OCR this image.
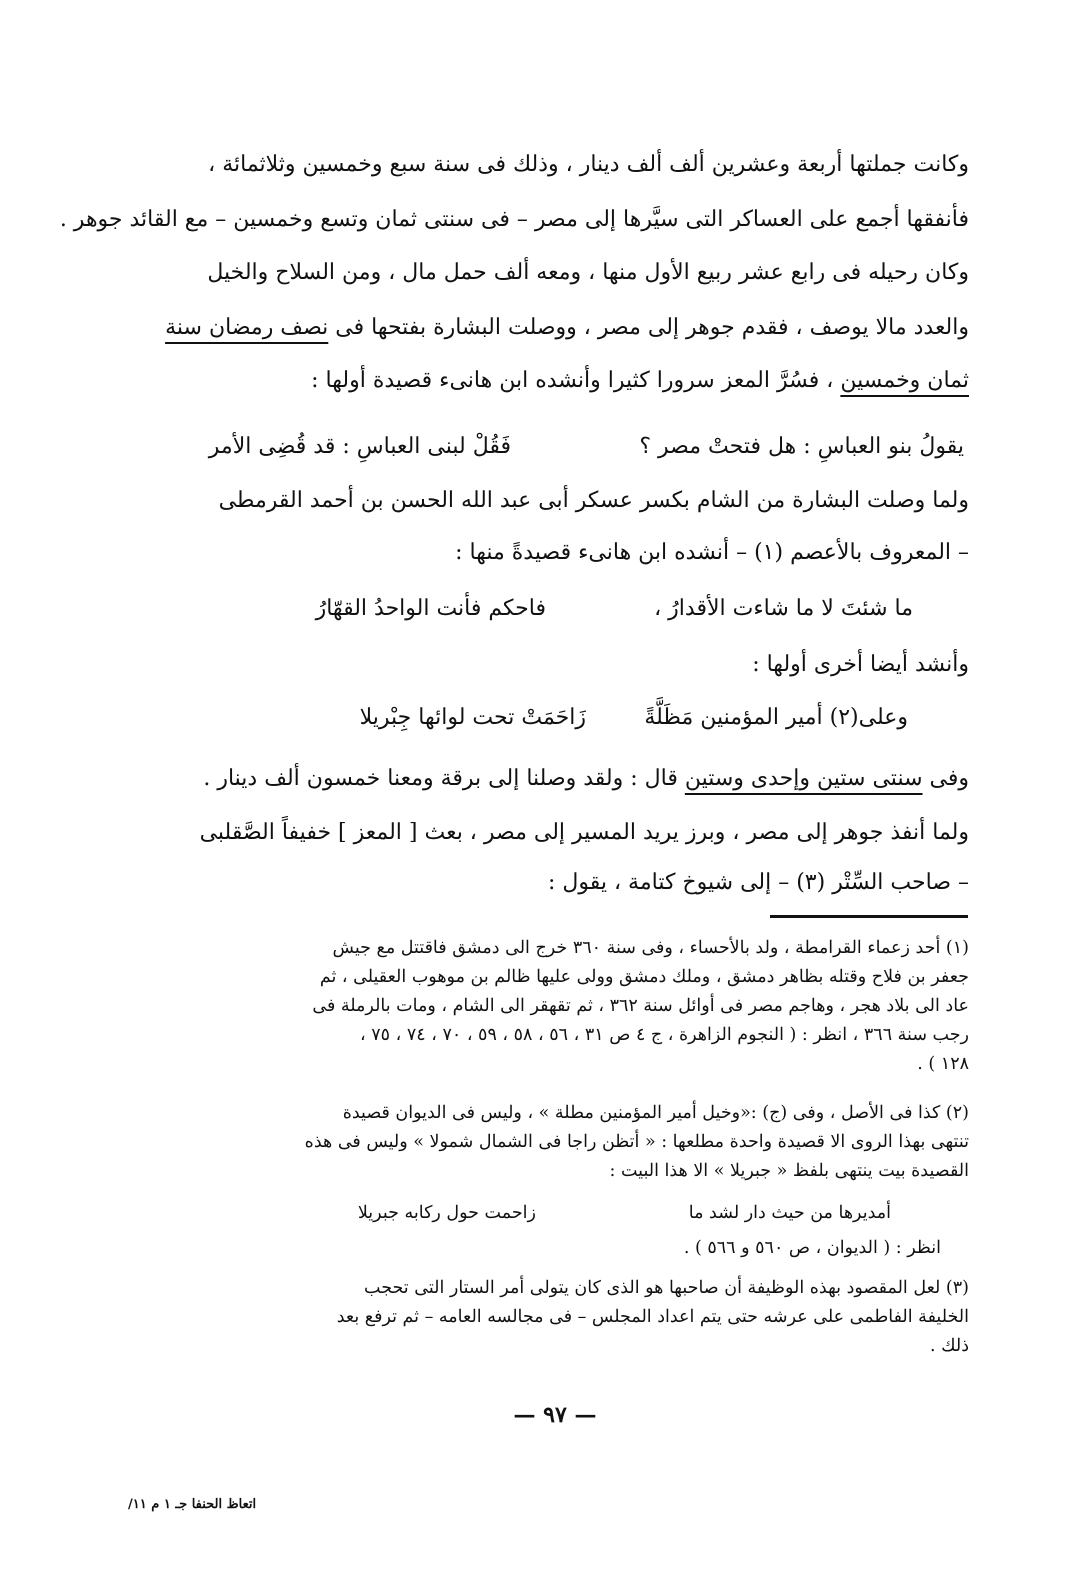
وكانت جملتها أربعة وعشرين ألف ألف دينار ، وذلك فى سنة سبع وخمسين وثلاثمائة ،
فأنفقها أجمع على العساكر التى سيَّرها إلى مصر – فى سنتى ثمان وتسع وخمسين – مع القائد جوهر .
وكان رحيله فى رابع عشر ربيع الأول منها ، ومعه ألف حمل مال ، ومن السلاح والخيل
والعدد مالا يوصف ، فقدم جوهر إلى مصر ، ووصلت البشارة بفتحها فى نصف رمضان سنة
ثمان وخمسين ، فسُرَّ المعز سرورا كثيرا وأنشده ابن هانىء قصيدة أولها :
يقولُ بنو العباسِ : هل فتحتْ مصر ؟
فَقُلْ لبنى العباسِ : قد قُضِى الأمر
ولما وصلت البشارة من الشام بكسر عسكر أبى عبد الله الحسن بن أحمد القرمطى
– المعروف بالأعصم (١) – أنشده ابن هانىء قصيدةً منها :
ما شئتَ لا ما شاءت الأقدارُ ،
فاحكم فأنت الواحدُ القهّارُ
وأنشد أيضا أخرى أولها :
وعلى(٢) أمير المؤمنين مَظَلَّةً
زَاحَمَتْ تحت لوائها جِبْريلا
وفى سنتى ستين وإحدى وستين قال : ولقد وصلنا إلى برقة ومعنا خمسون ألف دينار .
ولما أنفذ جوهر إلى مصر ، وبرز يريد المسير إلى مصر ، بعث [ المعز ] خفيفاً الصَّقلبى
– صاحب السِّتْر (٣) – إلى شيوخ كتامة ، يقول :
(١) أحد زعماء القرامطة ، ولد بالأحساء ، وفى سنة ٣٦٠ خرج الى دمشق فاقتتل مع جيش
جعفر بن فلاح وقتله بظاهر دمشق ، وملك دمشق وولى عليها ظالم بن موهوب العقيلى ، ثم
عاد الى بلاد هجر ، وهاجم مصر فى أوائل سنة ٣٦٢ ، ثم تقهقر الى الشام ، ومات بالرملة فى
رجب سنة ٣٦٦ ، انظر : ( النجوم الزاهرة ، ج ٤ ص ٣١ ، ٥٦ ، ٥٨ ، ٥٩ ، ٧٠ ، ٧٤ ، ٧٥ ،
١٢٨ ) .
(٢) كذا فى الأصل ، وفى (ج) :«وخيل أمير المؤمنين مطلة » ، وليس فى الديوان قصيدة
تنتهى بهذا الروى الا قصيدة واحدة مطلعها : « أتظن راجا فى الشمال شمولا » وليس فى هذه
القصيدة بيت ينتهى بلفظ « جبريلا » الا هذا البيت :
أمديرها من حيث دار لشد ما
زاحمت حول ركابه جبريلا
انظر : ( الديوان ، ص ٥٦٠ و ٥٦٦ ) .
(٣) لعل المقصود بهذه الوظيفة أن صاحبها هو الذى كان يتولى أمر الستار التى تحجب
الخليفة الفاطمى على عرشه حتى يتم اعداد المجلس – فى مجالسه العامه – ثم ترفع بعد
ذلك .
— ٩٧ —
اتعاظ الحنفا جـ ١ م ١١/
